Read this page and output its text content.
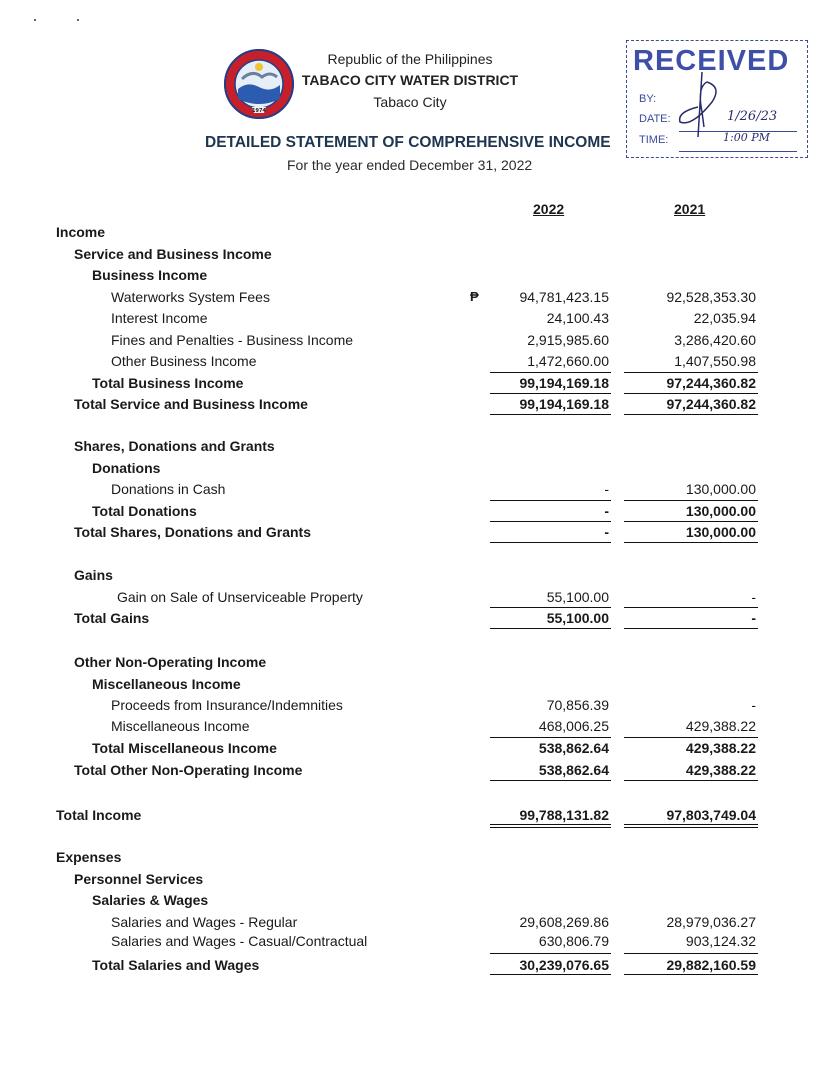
1974
Republic of the Philippines
TABACO CITY WATER DISTRICT
Tabaco City
DETAILED STATEMENT OF COMPREHENSIVE INCOME
For the year ended December 31, 2022
RECEIVED
BY:
DATE:
TIME:
1/26/23
1:00 PM
2022	2021
Income
Service and Business Income
Business Income
Waterworks System Fees	₱	94,781,423.15	92,528,353.30
Interest Income	24,100.43	22,035.94
Fines and Penalties - Business Income	2,915,985.60	3,286,420.60
Other Business Income	1,472,660.00	1,407,550.98
Total Business Income	99,194,169.18	97,244,360.82
Total Service and Business Income	99,194,169.18	97,244,360.82
Shares, Donations and Grants
Donations
Donations in Cash	-	130,000.00
Total Donations	-	130,000.00
Total Shares, Donations and Grants	-	130,000.00
Gains
Gain on Sale of Unserviceable Property	55,100.00	-
Total Gains	55,100.00	-
Other Non-Operating Income
Miscellaneous Income
Proceeds from Insurance/Indemnities	70,856.39	-
Miscellaneous Income	468,006.25	429,388.22
Total Miscellaneous Income	538,862.64	429,388.22
Total Other Non-Operating Income	538,862.64	429,388.22
Total Income	99,788,131.82	97,803,749.04
Expenses
Personnel Services
Salaries & Wages
Salaries and Wages - Regular	29,608,269.86	28,979,036.27
Salaries and Wages - Casual/Contractual	630,806.79	903,124.32
Total Salaries and Wages	30,239,076.65	29,882,160.59
